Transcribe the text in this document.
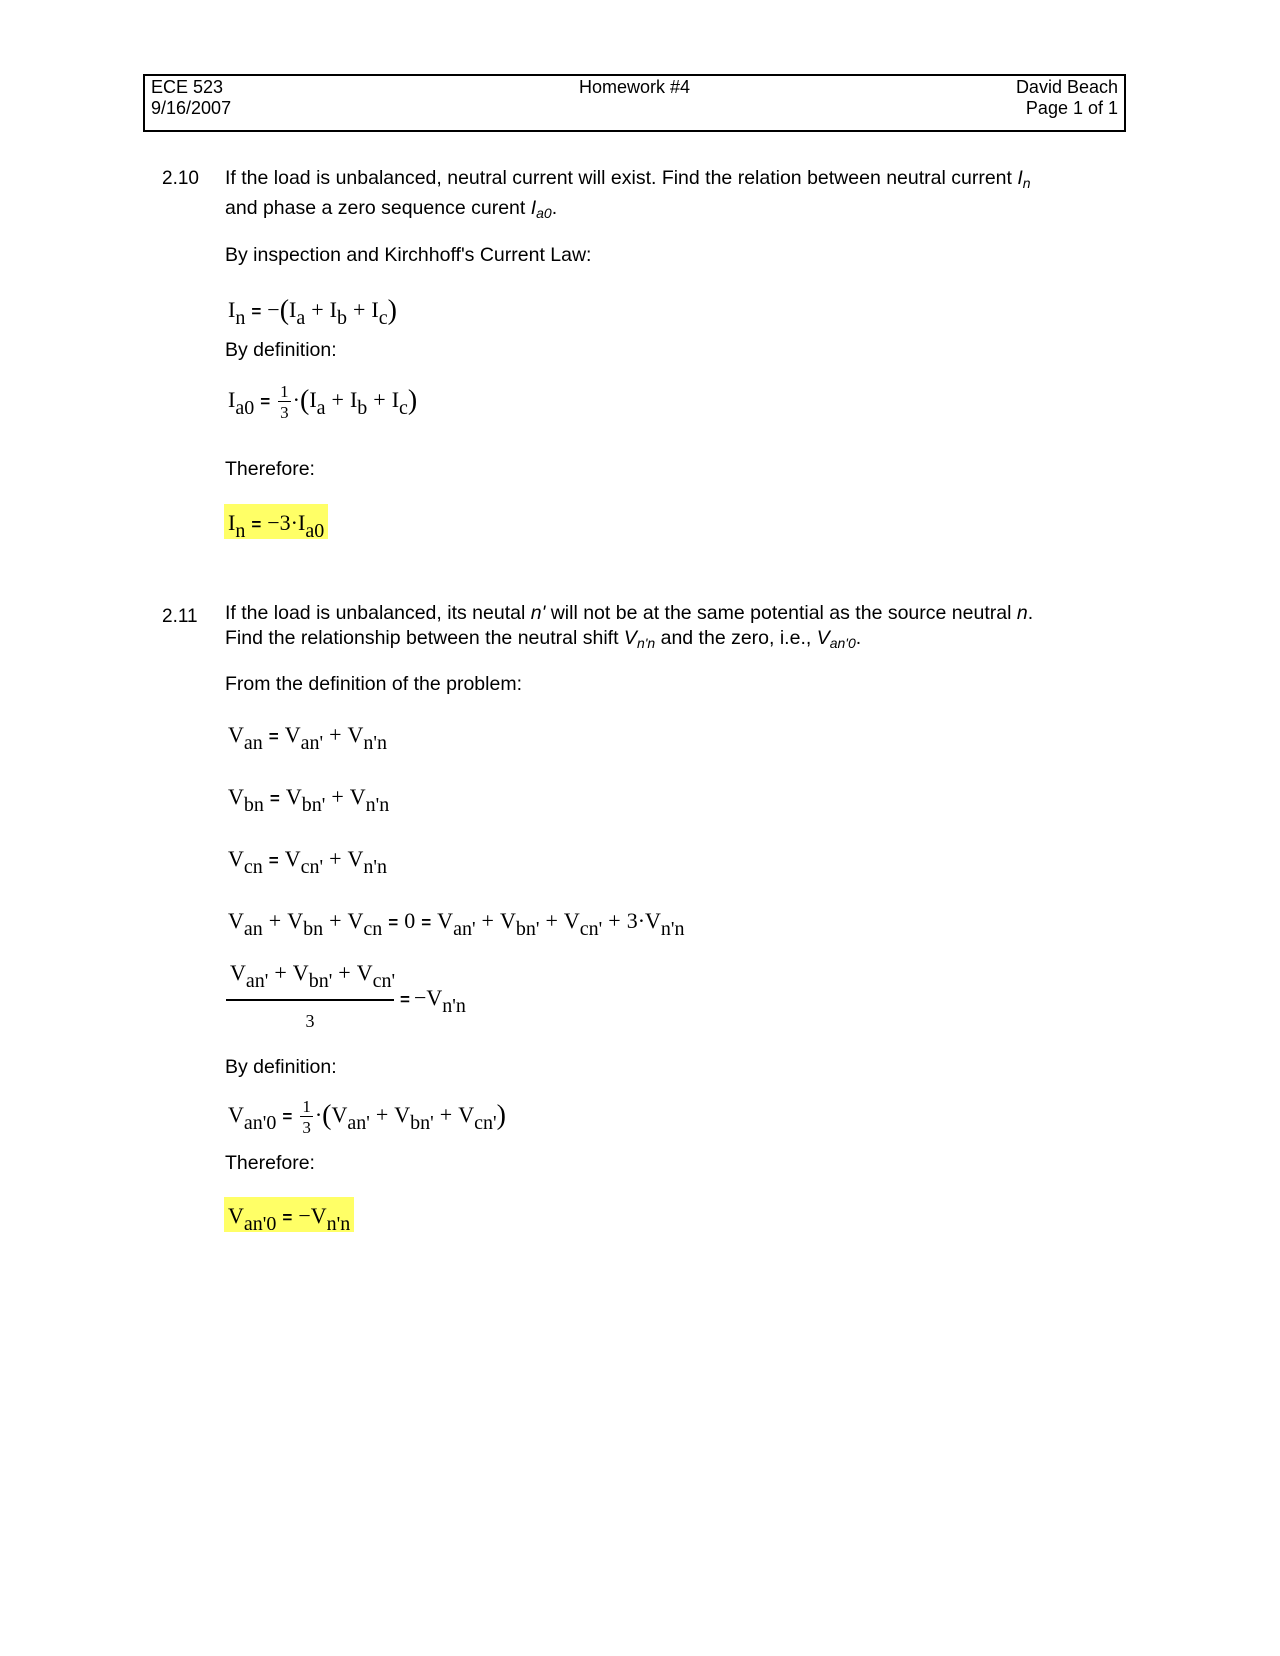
ECE 523
9/16/2007
Homework #4	David Beach
Page 1 of 1
2.10 If the load is unbalanced, neutral current will exist. Find the relation between neutral current $I_n$
and phase a zero sequence curent $I_{a0}$.
By inspection and Kirchhoff's Current Law:
In = −(Ia + Ib + Ic)
By definition:
$Ia0 = \frac{1}{3} \cdot(Ia + Ib + Ic)$
Therefore:
In = −3·Ia0
2.11 If the load is unbalanced, its neutal n' will not be at the same potential as the source neutral n.
Find the relationship between the neutral shift $V_{n'n}$ and the zero, i.e., $V_{an'0}$.
From the definition of the problem:
Van = Van' + Vn'n
Vbn = Vbn' + Vn'n
Vcn = Vcn' + Vn'n
Van + Vbn + Vcn = 0 = Van' + Vbn' + Vcn' + 3·Vn'n
Van' + Vbn' + Vcn'
3
= −Vn'n
By definition:
$Van'0 = \frac{1}{3} \cdot(Van' + Vbn' + Vcn')$
Therefore:
Van'0 = −Vn'n
